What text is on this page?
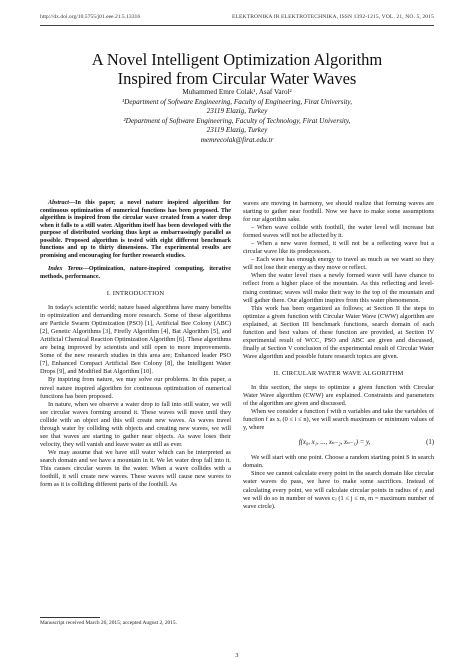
http://dx.doi.org/10.5755/j01.eee.21.5.13316	ELEKTRONIKA IR ELEKTROTECHNIKA, ISSN 1392-1215, VOL. 21, NO. 5, 2015
A Novel Intelligent Optimization Algorithm
Inspired from Circular Water Waves
Muhammed Emre Colak¹, Asaf Varol²
¹Department of Software Engineering, Faculty of Engineering, Firat University,
23119 Elazig, Turkey
²Department of Software Engineering, Faculty of Technology, Firat University,
23119 Elazig, Turkey
memrecolak@firat.edu.tr

Abstract—In this paper, a novel nature inspired algorithm for continuous optimization of numerical functions has been proposed. The algorithm is inspired from the circular wave created from a water drop when it falls to a still water. Algorithm itself has been developed with the purpose of distributed working thus kept as embarrassingly parallel as possible. Proposed algorithm is tested with eight different benchmark functions and up to thirty dimensions. The experimental results are promising and encouraging for further research studies.

Index Terms—Optimization, nature-inspired computing, iterative methods, performance.

I. INTRODUCTION

In today's scientific world; nature based algorithms have many benefits in optimization and demanding more research. Some of these algorithms are Particle Swarm Optimization (PSO) [1], Artificial Bee Colony (ABC) [2], Genetic Algorithms [3], Firefly Algorithm [4], Bat Algorithm [5], and Artificial Chemical Reaction Optimization Algorithm [6]. These algorithms are being improved by scientists and still open to more improvements. Some of the new research studies in this area are; Enhanced leader PSO [7], Enhanced Compact Artificial Bee Colony [8], the Intelligent Water Drops [9], and Modified Bat Algorithm [10].

By inspiring from nature, we may solve our problems. In this paper, a novel nature inspired algorithm for continuous optimization of numerical functions has been proposed.

In nature, when we observe a water drop to fall into still water, we will see circular waves forming around it. These waves will move until they collide with an object and this will create new waves. As waves travel through water by colliding with objects and creating new waves, we will see that waves are starting to gather near objects. As wave loses their velocity, they will vanish and leave water as still as ever.

We may assume that we have still water which can be interpreted as search domain and we have a mountain in it. We let water drop fall into it. This causes circular waves in the water. When a wave collides with a foothill, it will create new waves. These waves will cause new waves to form as it is colliding different parts of the foothill. As

waves are moving in harmony, we should realize that forming waves are starting to gather near foothill. Now we have to make some assumptions for our algorithm sake.

– When wave collide with foothill, the water level will increase but formed waves will not be affected by it.

– When a new wave formed, it will not be a reflecting wave but a circular wave like its predecessors.

– Each wave has enough energy to travel as much as we want so they will not lose their energy as they move or reflect.

When the water level rises a newly formed wave will have chance to reflect from a higher place of the mountain. As this reflecting and level-rising continue; waves will make their way to the top of the mountain and will gather there. Our algorithm inspires from this water phenomenon.

This work has been organized as follows; at Section II the steps to optimize a given function with Circular Water Wave (CWW) algorithm are explained, at Section III benchmark functions, search domain of each function and best values of these function are provided, at Section IV experimental result of WCC, PSO and ABC are given and discussed, finally at Section V conclusion of the experimental result of Circular Water Wave algorithm and possible future research topics are given.

II. CIRCULAR WATER WAVE ALGORITHM

In this section, the steps to optimize a given function with Circular Water Wave algorithm (CWW) are explained. Constraints and parameters of the algorithm are given and discussed.

When we consider a function f with n variables and take the variables of function f as xᵢ (0 ≤ i ≤ n), we will search maximum or minimum values of y, where

f(x₀, x₁, ..., xₙ₋₂, xₙ₋₁) = y,	(1)

We will start with one point. Choose a random starting point S in search domain.

Since we cannot calculate every point in the search domain like circular water waves do pass, we have to make some sacrifices. Instead of calculating every point, we will calculate circular points in radius of rᵢ and we will do so in number of waves cⱼ (1 ≤ j ≤ m, m = maximum number of wave circle).

Manuscript received March 26, 2015; accepted August 2, 2015.
3
